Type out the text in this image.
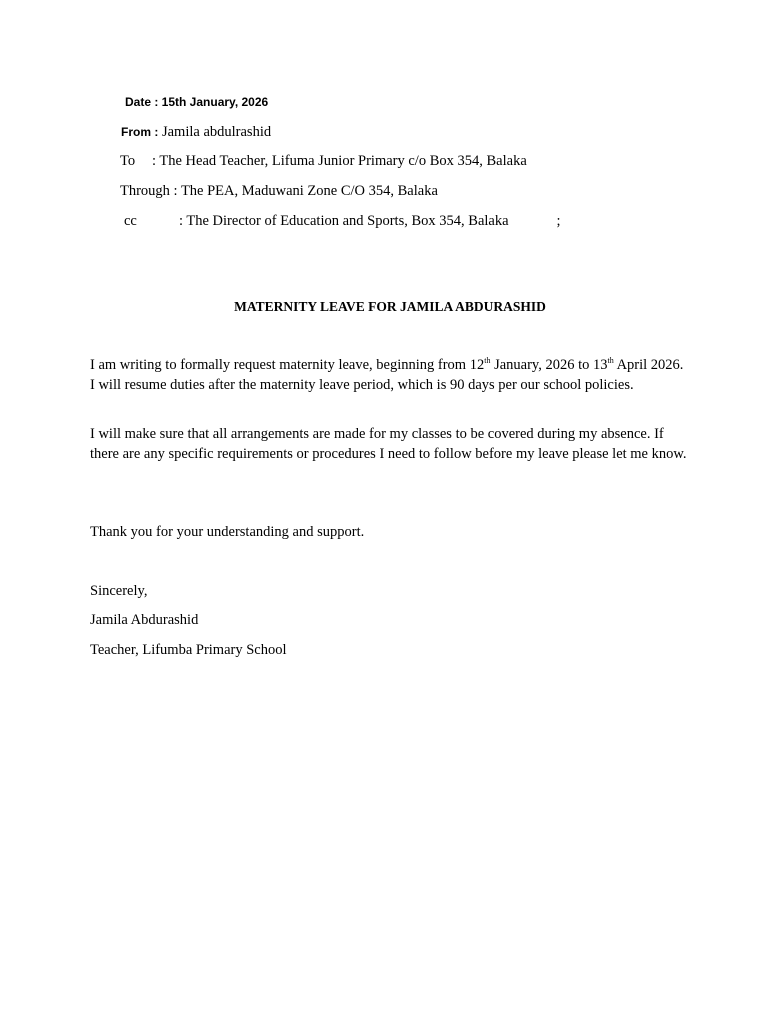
Date : 15th January, 2026
From : Jamila abdulrashid
To : The Head Teacher, Lifuma Junior Primary c/o Box 354, Balaka
Through : The PEA, Maduwani Zone C/O 354, Balaka
cc	: The Director of Education and Sports, Box 354, Balaka	;
MATERNITY LEAVE FOR JAMILA ABDURASHID
I am writing to formally request maternity leave, beginning from 12th January, 2026 to 13th April 2026. I will resume duties after the maternity leave period, which is 90 days per our school policies.
I will make sure that all arrangements are made for my classes to be covered during my absence. If there are any specific requirements or procedures I need to follow before my leave please let me know.
Thank you for your understanding and support.
Sincerely,
Jamila Abdurashid
Teacher, Lifumba Primary School
